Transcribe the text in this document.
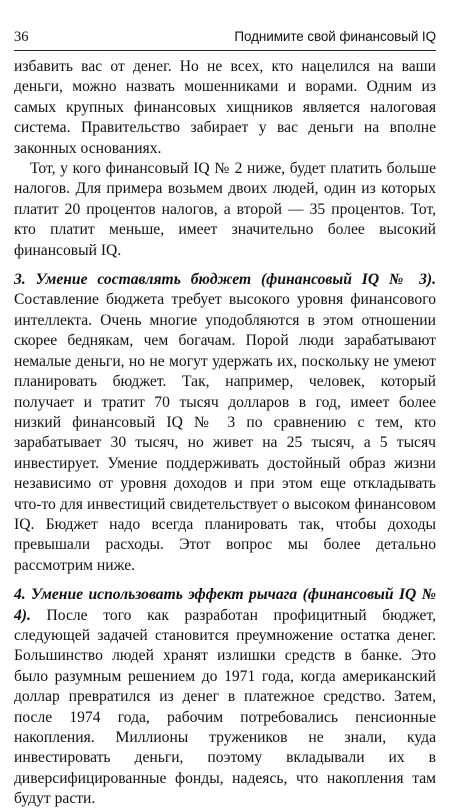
36	Поднимите свой финансовый IQ

избавить вас от денег. Но не всех, кто нацелился на ваши деньги, можно назвать мошенниками и ворами. Одним из самых крупных финансовых хищников является налоговая система. Правительство забирает у вас деньги на вполне законных основаниях.

Тот, у кого финансовый IQ № 2 ниже, будет платить больше налогов. Для примера возьмем двоих людей, один из которых платит 20 процентов налогов, а второй — 35 процентов. Тот, кто платит меньше, имеет значительно более высокий финансовый IQ.

3. Умение составлять бюджет (финансовый IQ № 3). Составление бюджета требует высокого уровня финансового интеллекта. Очень многие уподобляются в этом отношении скорее беднякам, чем богачам. Порой люди зарабатывают немалые деньги, но не могут удержать их, поскольку не умеют планировать бюджет. Так, например, человек, который получает и тратит 70 тысяч долларов в год, имеет более низкий финансовый IQ № 3 по сравнению с тем, кто зарабатывает 30 тысяч, но живет на 25 тысяч, а 5 тысяч инвестирует. Умение поддерживать достойный образ жизни независимо от уровня доходов и при этом еще откладывать что-то для инвестиций свидетельствует о высоком финансовом IQ. Бюджет надо всегда планировать так, чтобы доходы превышали расходы. Этот вопрос мы более детально рассмотрим ниже.

4. Умение использовать эффект рычага (финансовый IQ № 4). После того как разработан профицитный бюджет, следующей задачей становится преумножение остатка денег. Большинство людей хранят излишки средств в банке. Это было разумным решением до 1971 года, когда американский доллар превратился из денег в платежное средство. Затем, после 1974 года, рабочим потребовались пенсионные накопления. Миллионы тружеников не знали, куда инвестировать деньги, поэтому вкладывали их в диверсифицированные фонды, надеясь, что накопления там будут расти.
